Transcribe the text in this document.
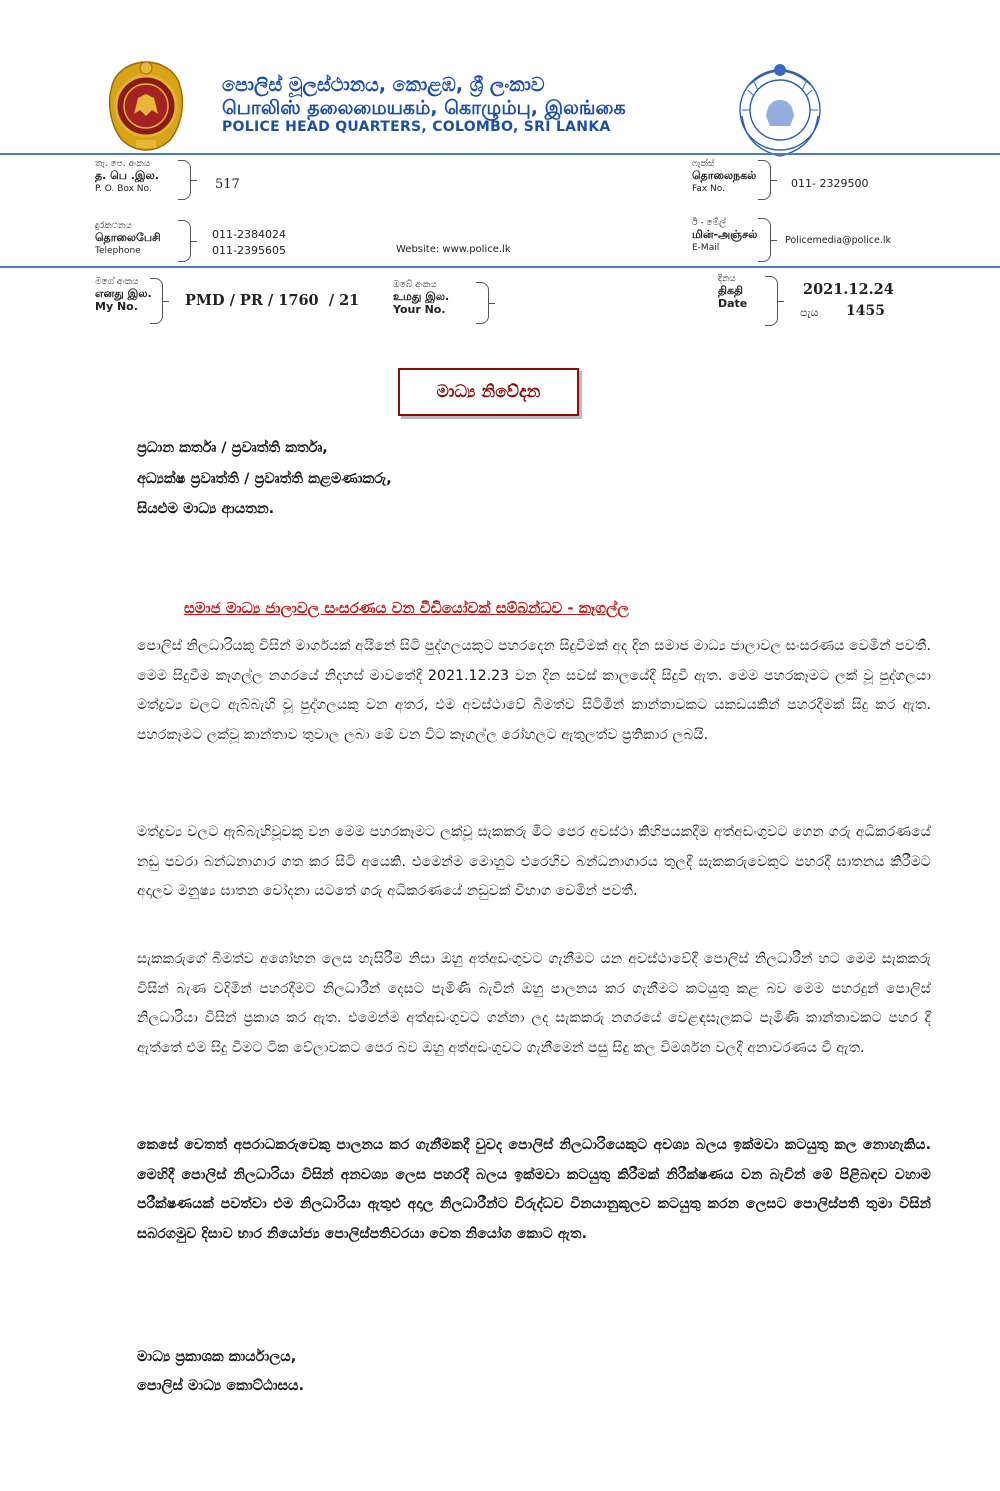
පොලිස් මූලස්ථානය, කොළඹ, ශ්‍රී ලංකාව
பொலிஸ் தலைமையகம், கொழும்பு, இலங்கை
POLICE HEAD QUARTERS, COLOMBO, SRI LANKA
තැ. පෙ. අංකය
த. பெ .இல.
P. O. Box No.	517
ෆැක්ස්
தொலைநகல்
Fax No.	011- 2329500
දුරකථනය
தொலைபேசி
Telephone
011-2384024
011-2395605	Website: www.police.lk
ඊ - මේල්
மின்-அஞ்சல்
E-Mail
Policemedia@police.lk
මගේ අංකය
எனது இல.
My No.	PMD / PR / 1760  / 21
ඔබේ අංකය
உமது இல.
Your No.
දිනය
திகதி
Date
2021.12.24
පැය 1455
මාධ්‍ය නිවේදන
ප්‍රධාන කර්තෘ / ප්‍රවෘත්ති කර්තෘ,
අධ්‍යක්ෂ ප්‍රවෘත්ති / ප්‍රවෘත්ති කළමණාකරු,
සියළුම මාධ්‍ය ආයතන.
සමාජ මාධ්‍ය ජාලාවල සංසරණය වන වීඩියෝවක් සම්බන්ධව - කෑගල්ල
පොලිස් නිලධාරියකු විසින් මාර්ගයක් අයිනේ සිටි පුද්ගලයකුට පහරදෙන සිදුවීමක් අද දින සමාජ මාධ්‍ය ජාලාවල සංසරණය වෙමින් පවතී. මෙම සිදුවීම කෑගල්ල නගරයේ නිදහස් මාවතේදී 2021.12.23 වන දින සවස් කාලයේදී සිදුවී ඇත. මෙම පහරකෑමට ලක් වූ පුද්ගලයා මත්ද්‍රව්‍ය වලට ඇබ්බැහි වූ පුද්ගලයකු වන අතර, එම අවස්ථාවේ බීමත්ව සිටිමින් කාන්තාවකට යකඩයකින් පහරදීමක් සිදු කර ඇත. පහරකෑමට ලක්වූ කාන්තාව තුවාල ලබා මේ වන විට කෑගල්ල රෝහලට ඇතුලත්ව ප්‍රතිකාර ලබයි.
මත්ද්‍රව්‍ය වලට ඇබ්බැහිවූවකු වන මෙම පහරකෑමට ලක්වූ සැකකරු මීට පෙර අවස්ථා කිහිපයකදීම අත්අඩංගුවට ගෙන ගරු අධිකරණයේ නඩු පවරා බන්ධනාගාර ගත කර සිටි අයෙකි. එමෙන්ම මොහුට එරෙහිව බන්ධනාගාරය තුලදී සැකකරුවෙකුට පහරදී ඝාතනය කිරීමට අදාලව මනුෂ්‍ය ඝාතන චෝදනා යටතේ ගරු අධිකරණයේ නඩුවක් විභාග වෙමින් පවතී.
සැකකරුගේ බීමත්ව අශෝභන ලෙස හැසිරීම නිසා ඔහු අත්අඩංගුවට ගැනීමට යන අවස්ථාවේදී පොලිස් නිලධාරීන් හට මෙම සැකකරු විසින් බැණ වදිමින් පහරදීමට නිලධාරීන් දෙසට පැමිණි බැවින් ඔහු පාලනය කර ගැනීමට කටයුතු කළ බව මෙම පහරදුන් පොලිස් නිලධාරියා විසින් ප්‍රකාශ කර ඇත. එමෙන්ම අත්අඩංගුවට ගන්නා ලද සැකකරු නගරයේ වෙළඳසැලකට පැමිණි කාන්තාවකට පහර දී ඇත්තේ එම සිදු වීමට ටික වේලාවකට පෙර බව ඔහු අත්අඩංගුවට ගැනීමෙන් පසු සිදු කල විමර්ශන වලදී අනාවරණය වී ඇත.
කෙසේ වෙතත් අපරාධකරුවෙකු පාලනය කර ගැනීමකදී වුවද පොලිස් නිලධාරියෙකුට අවශ්‍ය බලය ඉක්මවා කටයුතු කල නොහැකිය. මෙහිදී පොලිස් නිලධාරියා විසින් අනවශ්‍ය ලෙස පහරදී බලය ඉක්මවා කටයුතු කිරීමක් නිරීක්ෂණය වන බැවින් මේ පිළිබඳව වහාම පරීක්ෂණයක් පවත්වා එම නිලධාරියා ඇතුළු අදාල නිලධාරීන්ට විරුද්ධව විනයානුකූලව කටයුතු කරන ලෙසට පොලිස්පති තුමා විසින් සබරගමුව දිසාව භාර නියෝජ්‍ය පොලිස්පතිවරයා වෙත නියෝග කොට ඇත.
මාධ්‍ය ප්‍රකාශක කාර්යාලය,
පොලිස් මාධ්‍ය කොට්ඨාසය.
